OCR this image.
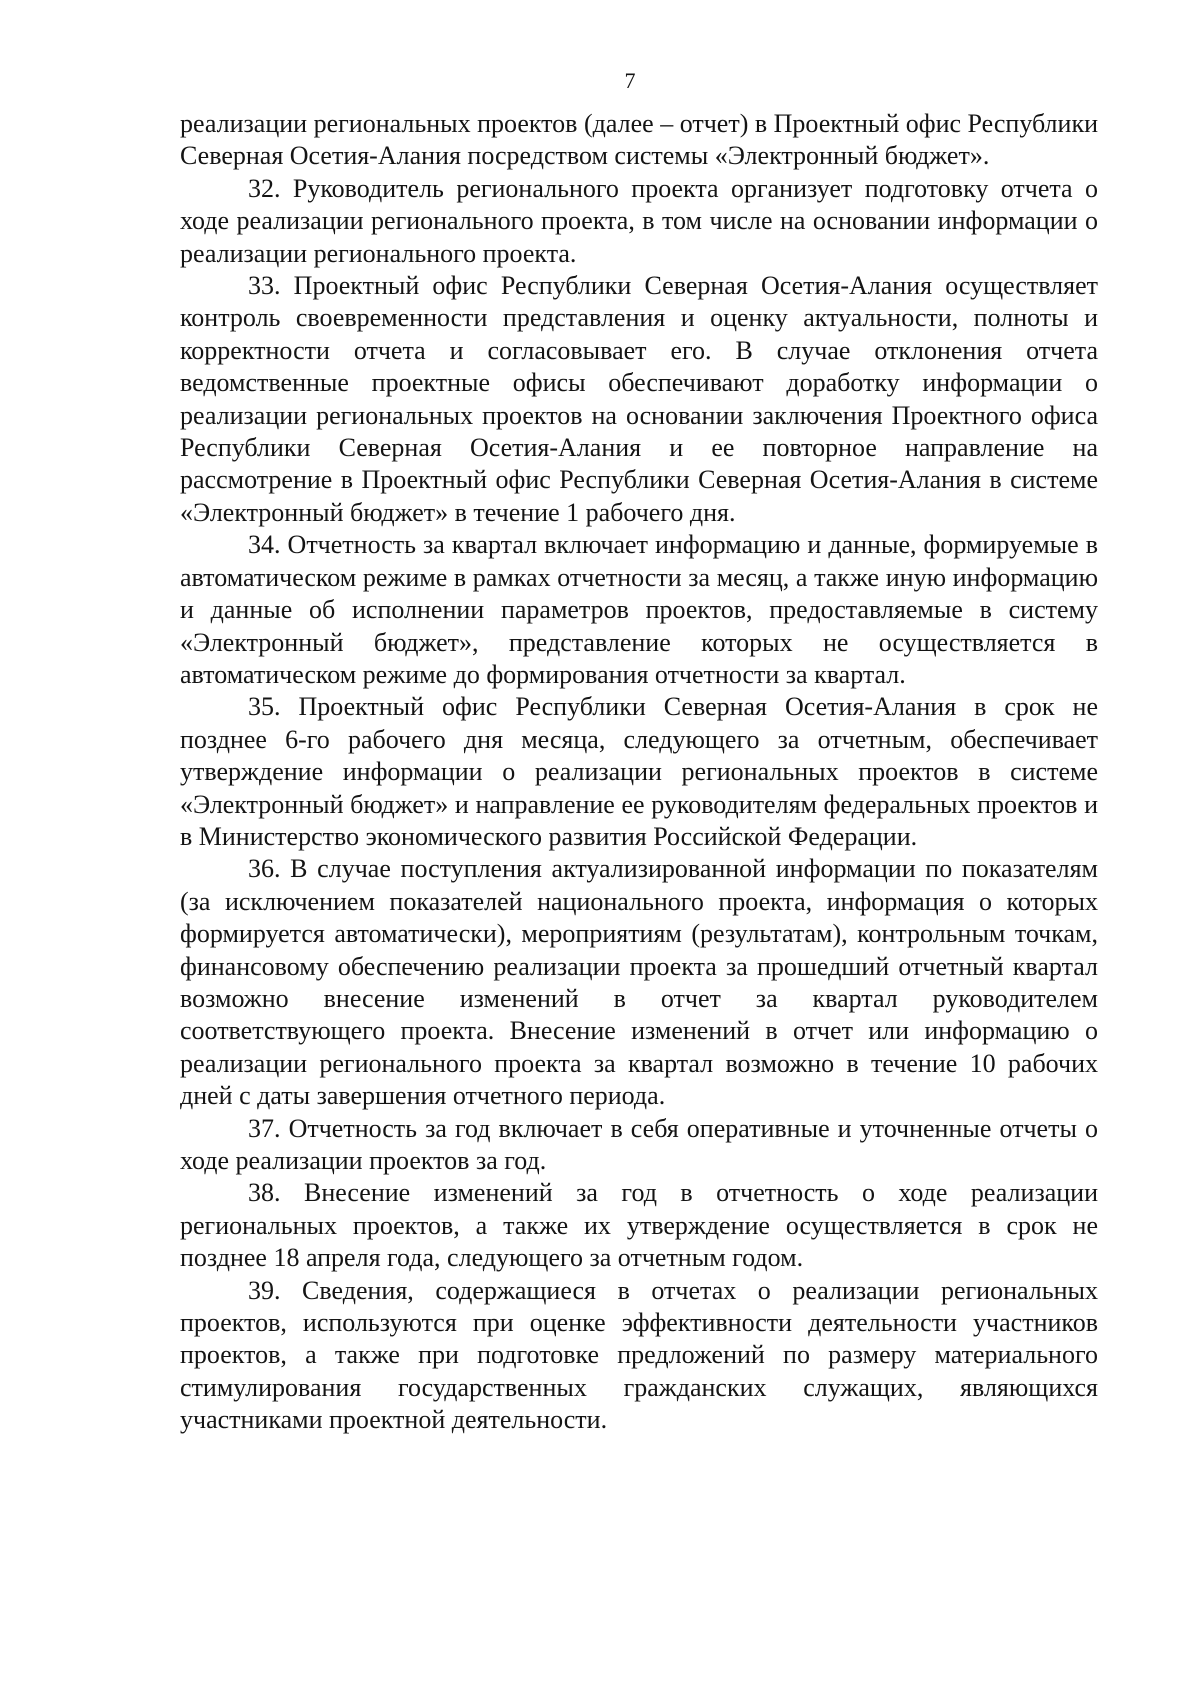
7

реализации региональных проектов (далее – отчет) в Проектный офис Республики Северная Осетия-Алания посредством системы «Электронный бюджет».

32. Руководитель регионального проекта организует подготовку отчета о ходе реализации регионального проекта, в том числе на основании информации о реализации регионального проекта.

33. Проектный офис Республики Северная Осетия-Алания осуществляет контроль своевременности представления и оценку актуальности, полноты и корректности отчета и согласовывает его. В случае отклонения отчета ведомственные проектные офисы обеспечивают доработку информации о реализации региональных проектов на основании заключения Проектного офиса Республики Северная Осетия-Алания и ее повторное направление на рассмотрение в Проектный офис Республики Северная Осетия-Алания в системе «Электронный бюджет» в течение 1 рабочего дня.

34. Отчетность за квартал включает информацию и данные, формируемые в автоматическом режиме в рамках отчетности за месяц, а также иную информацию и данные об исполнении параметров проектов, предоставляемые в систему «Электронный бюджет», представление которых не осуществляется в автоматическом режиме до формирования отчетности за квартал.

35. Проектный офис Республики Северная Осетия-Алания в срок не позднее 6-го рабочего дня месяца, следующего за отчетным, обеспечивает утверждение информации о реализации региональных проектов в системе «Электронный бюджет» и направление ее руководителям федеральных проектов и в Министерство экономического развития Российской Федерации.

36. В случае поступления актуализированной информации по показателям (за исключением показателей национального проекта, информация о которых формируется автоматически), мероприятиям (результатам), контрольным точкам, финансовому обеспечению реализации проекта за прошедший отчетный квартал возможно внесение изменений в отчет за квартал руководителем соответствующего проекта. Внесение изменений в отчет или информацию о реализации регионального проекта за квартал возможно в течение 10 рабочих дней с даты завершения отчетного периода.

37. Отчетность за год включает в себя оперативные и уточненные отчеты о ходе реализации проектов за год.

38. Внесение изменений за год в отчетность о ходе реализации региональных проектов, а также их утверждение осуществляется в срок не позднее 18 апреля года, следующего за отчетным годом.

39. Сведения, содержащиеся в отчетах о реализации региональных проектов, используются при оценке эффективности деятельности участников проектов, а также при подготовке предложений по размеру материального стимулирования государственных гражданских служащих, являющихся участниками проектной деятельности.
